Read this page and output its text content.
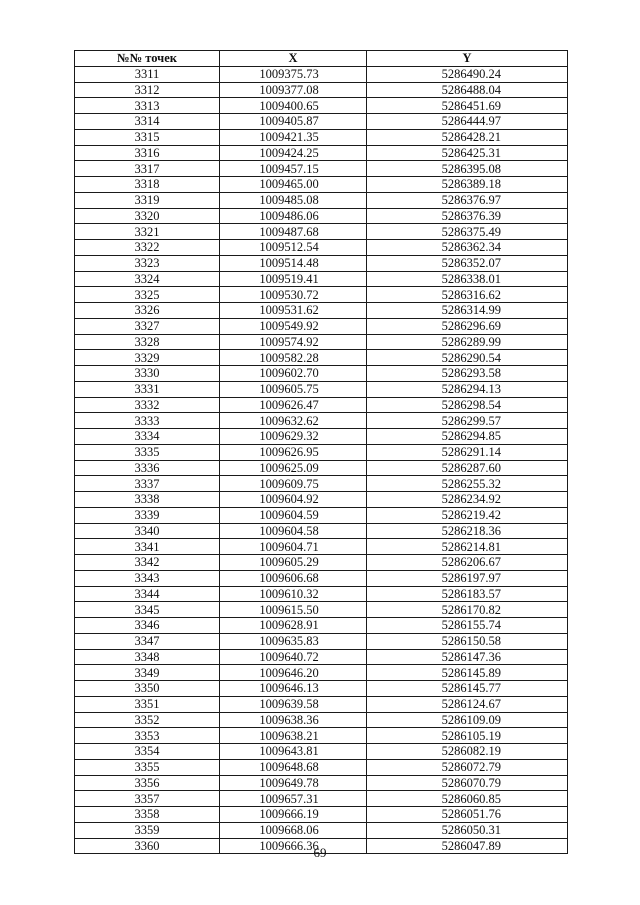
№№ точек	X	Y
3311	1009375.73	5286490.24
3312	1009377.08	5286488.04
3313	1009400.65	5286451.69
3314	1009405.87	5286444.97
3315	1009421.35	5286428.21
3316	1009424.25	5286425.31
3317	1009457.15	5286395.08
3318	1009465.00	5286389.18
3319	1009485.08	5286376.97
3320	1009486.06	5286376.39
3321	1009487.68	5286375.49
3322	1009512.54	5286362.34
3323	1009514.48	5286352.07
3324	1009519.41	5286338.01
3325	1009530.72	5286316.62
3326	1009531.62	5286314.99
3327	1009549.92	5286296.69
3328	1009574.92	5286289.99
3329	1009582.28	5286290.54
3330	1009602.70	5286293.58
3331	1009605.75	5286294.13
3332	1009626.47	5286298.54
3333	1009632.62	5286299.57
3334	1009629.32	5286294.85
3335	1009626.95	5286291.14
3336	1009625.09	5286287.60
3337	1009609.75	5286255.32
3338	1009604.92	5286234.92
3339	1009604.59	5286219.42
3340	1009604.58	5286218.36
3341	1009604.71	5286214.81
3342	1009605.29	5286206.67
3343	1009606.68	5286197.97
3344	1009610.32	5286183.57
3345	1009615.50	5286170.82
3346	1009628.91	5286155.74
3347	1009635.83	5286150.58
3348	1009640.72	5286147.36
3349	1009646.20	5286145.89
3350	1009646.13	5286145.77
3351	1009639.58	5286124.67
3352	1009638.36	5286109.09
3353	1009638.21	5286105.19
3354	1009643.81	5286082.19
3355	1009648.68	5286072.79
3356	1009649.78	5286070.79
3357	1009657.31	5286060.85
3358	1009666.19	5286051.76
3359	1009668.06	5286050.31
3360	1009666.36	5286047.89
69
